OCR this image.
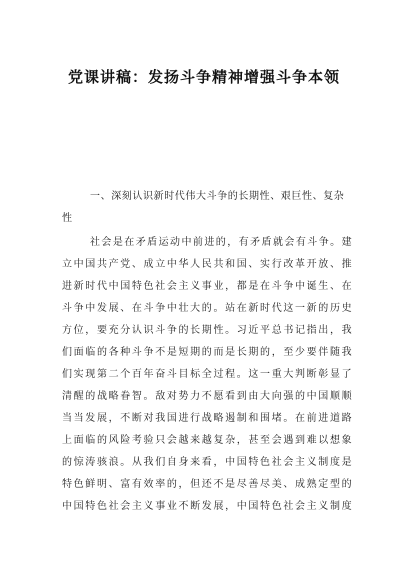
党课讲稿：发扬斗争精神增强斗争本领
一、深刻认识新时代伟大斗争的长期性、艰巨性、复杂
性
社会是在矛盾运动中前进的，有矛盾就会有斗争。建
立中国共产党、成立中华人民共和国、实行改革开放、推
进新时代中国特色社会主义事业，都是在斗争中诞生、在
斗争中发展、在斗争中壮大的。站在新时代这一新的历史
方位，要充分认识斗争的长期性。习近平总书记指出，我
们面临的各种斗争不是短期的而是长期的，至少要伴随我
们实现第二个百年奋斗目标全过程。这一重大判断彰显了
清醒的战略眷智。敌对势力不愿看到由大向强的中国顺顺
当当发展，不断对我国进行战略遏制和围堵。在前进道路
上面临的风险考验只会越来越复杂，甚至会遇到难以想象
的惊涛骇浪。从我们自身来看，中国特色社会主义制度是
特色鲜明、富有效率的，但还不是尽善尽美、成熟定型的
中国特色社会主义事业不断发展，中国特色社会主义制度
